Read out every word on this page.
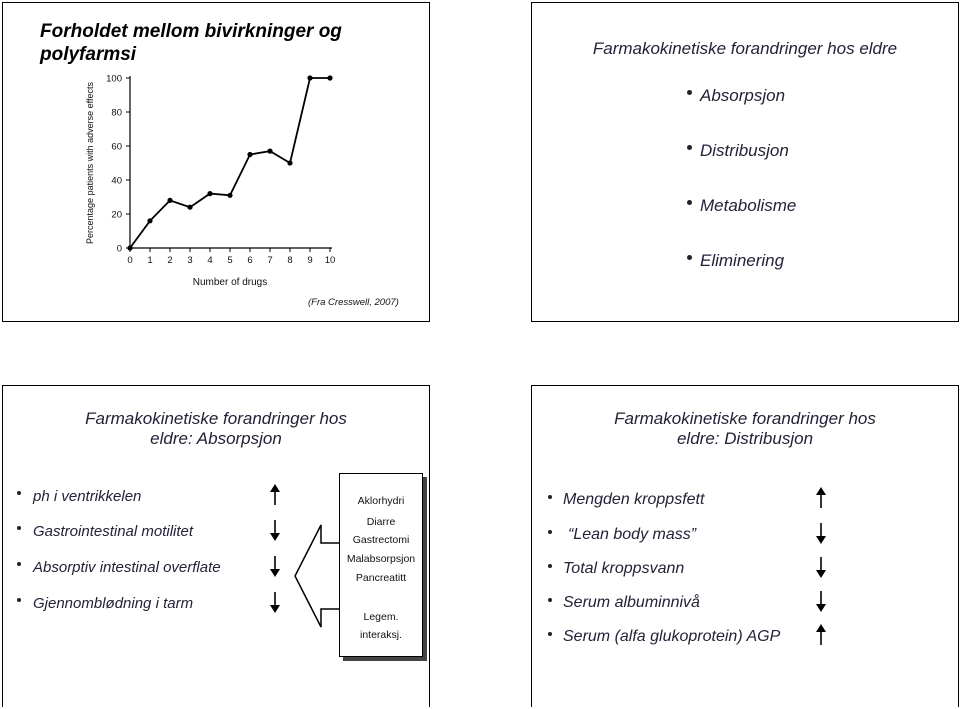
Forholdet mellom bivirkninger og polyfarmsi
0
20
40
60
80
100
0 1 2 3 4 5 6 7 8 9 10
Number of drugs
Percentage patients with adverse effects
(Fra Cresswell, 2007)
Farmakokinetiske forandringer hos eldre
Absorpsjon
Distribusjon
Metabolisme
Eliminering
Farmakokinetiske forandringer hos
eldre: Absorpsjon
ph i ventrikkelen
Gastrointestinal motilitet
Absorptiv intestinal overflate
Gjennomblødning i tarm
Aklorhydri
Diarre
Gastrectomi
Malabsorpsjon
Pancreatitt
Legem.
interaksj.
Farmakokinetiske forandringer hos
eldre: Distribusjon
Mengden kroppsfett
“Lean body mass”
Total kroppsvann
Serum albuminnivå
Serum (alfa glukoprotein) AGP
